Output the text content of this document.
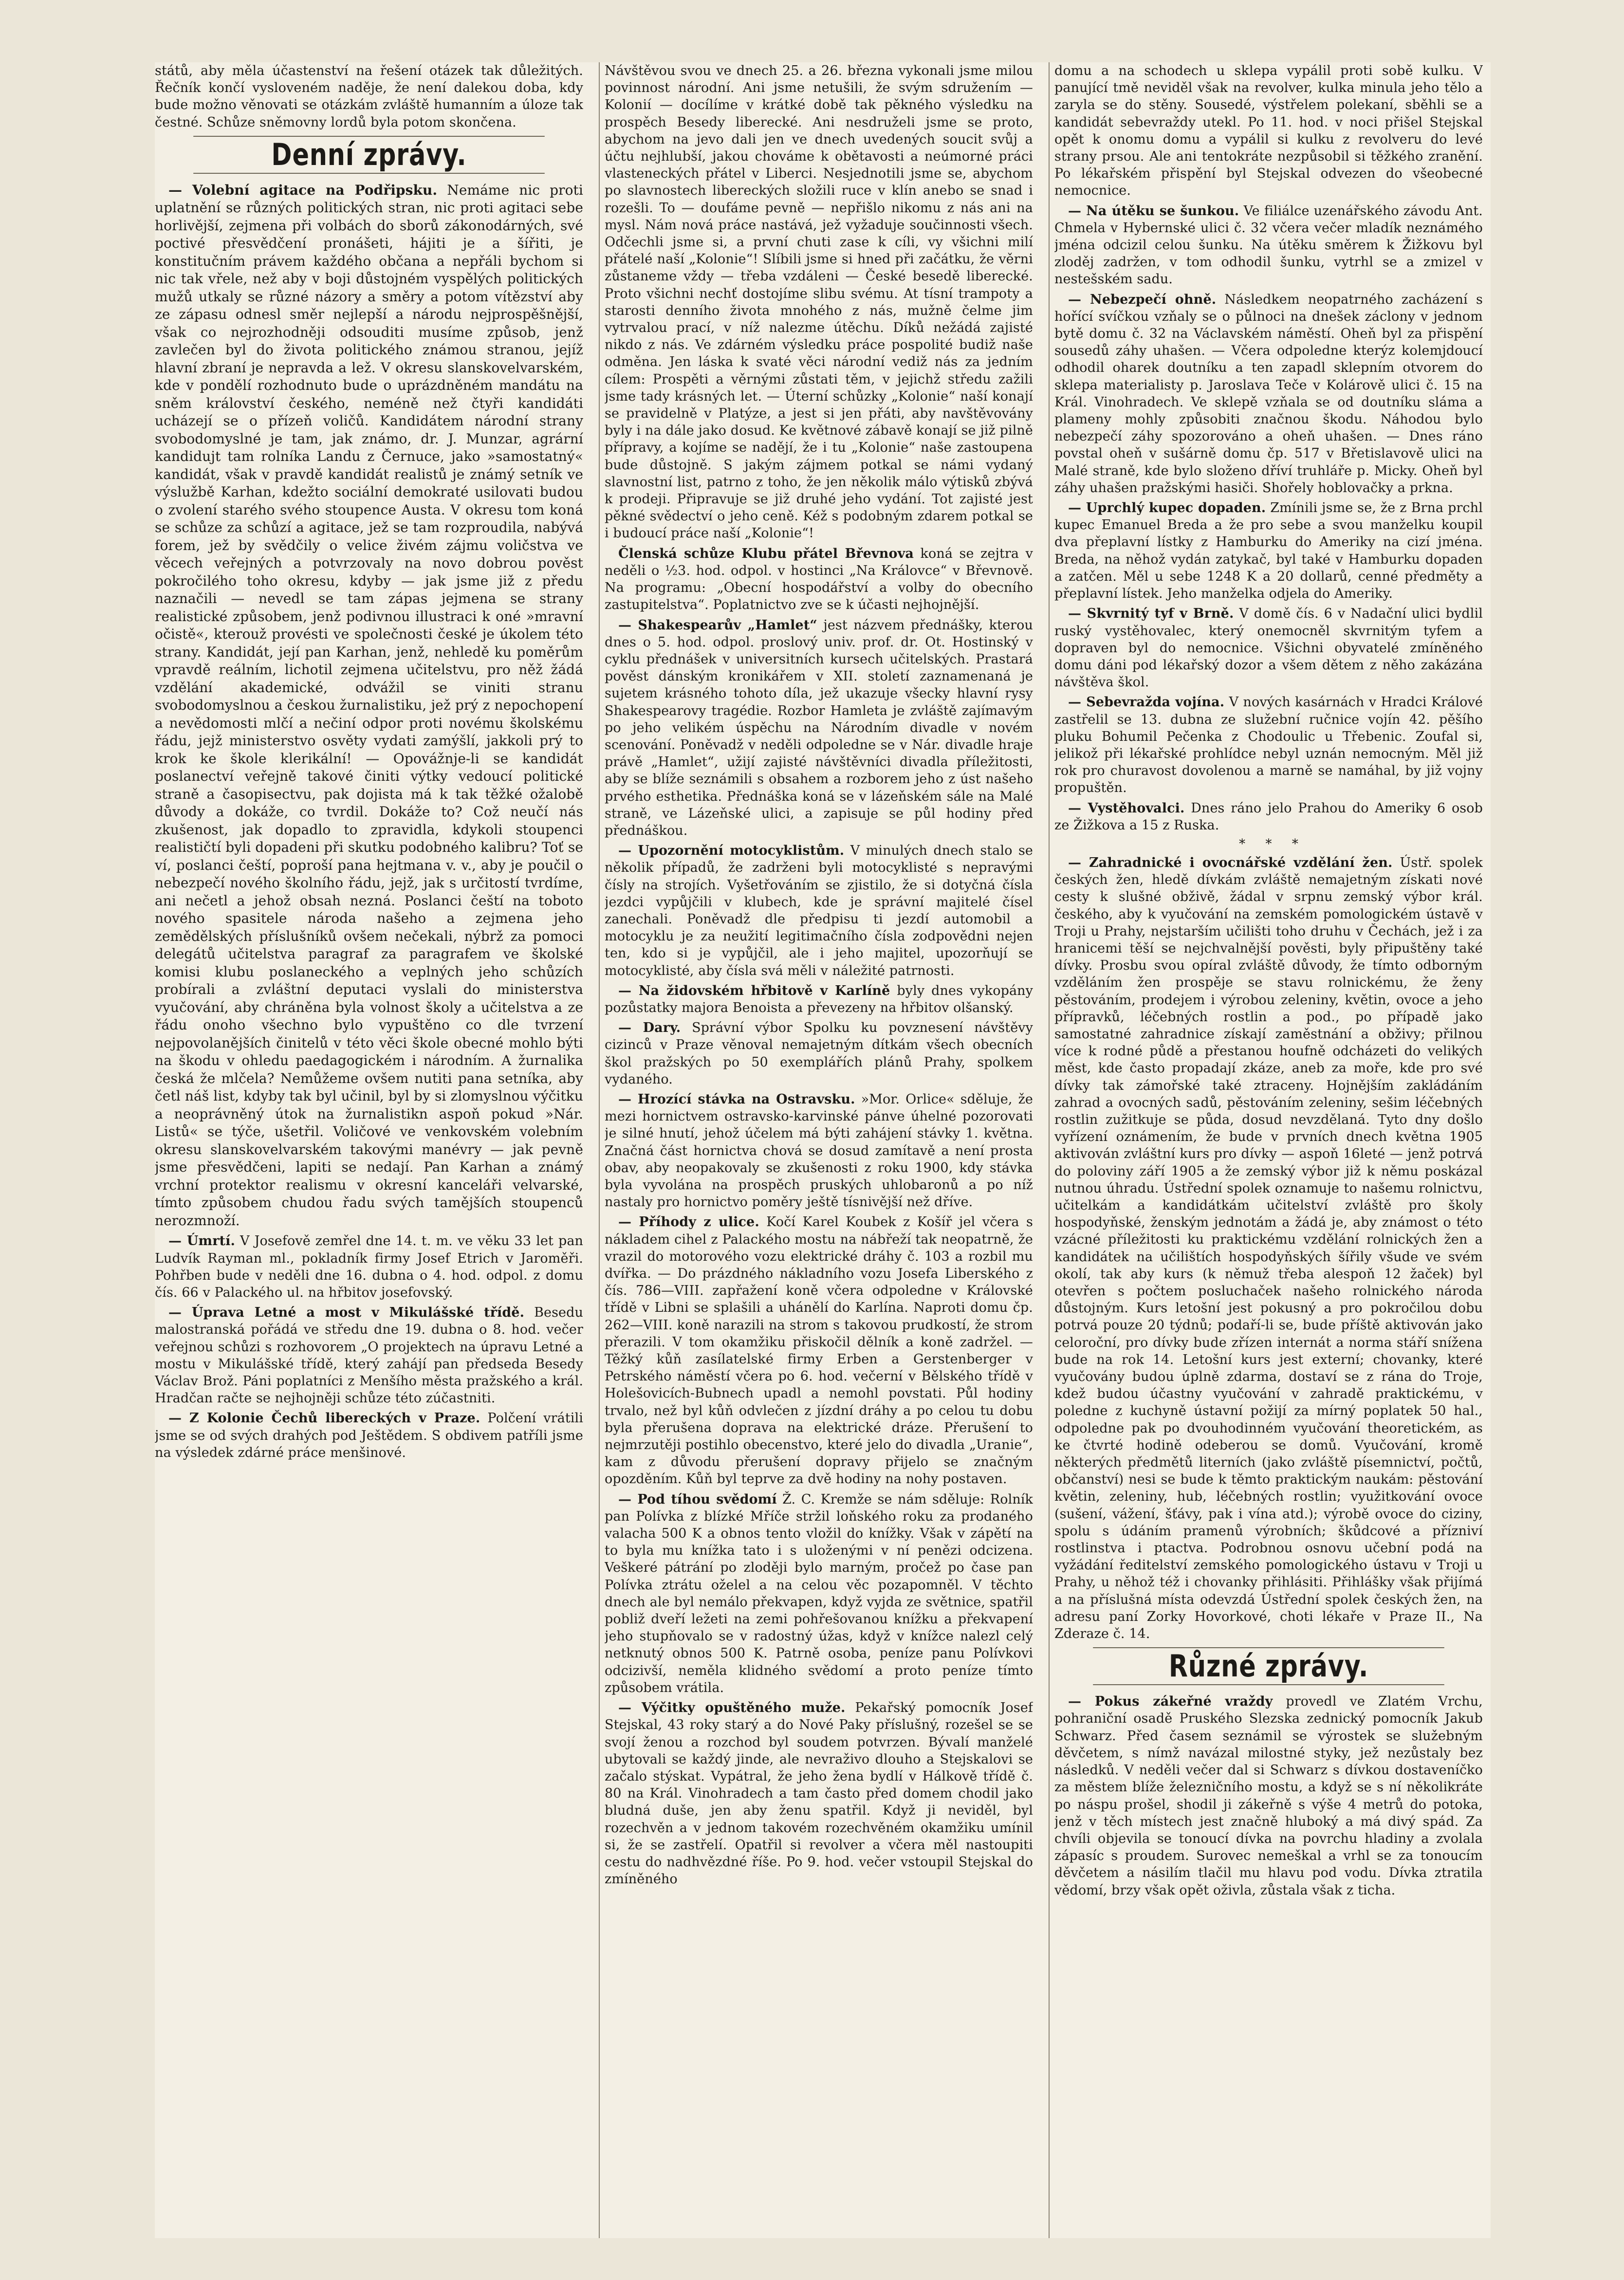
států, aby měla účastenství na řešení otázek tak důležitých. Řečník končí vysloveném naděje, že není dalekou doba, kdy bude možno věnovati se otázkám zvláště humanním a úloze tak čestné. Schůze sněmovny lordů byla potom skončena.

Denní zprávy.

— Volební agitace na Podřipsku. Nemáme nic proti uplatnění se různých politických stran, nic proti agitaci sebe horlivější, zejmena při volbách do sborů zákonodárných, své poctivé přesvědčení pronášeti, hájiti je a šířiti, je konstitučním právem každého občana a nepřáli bychom si nic tak vřele, než aby v boji důstojném vyspělých politických mužů utkaly se různé názory a směry a potom vítězství aby ze zápasu odnesl směr nejlepší a národu nejprospěšnější, však co nejrozhodněji odsouditi musíme způsob, jenž zavlečen byl do života politického známou stranou, jejíž hlavní zbraní je nepravda a lež. V okresu slanskovelvarském, kde v pondělí rozhodnuto bude o uprázdněném mandátu na sněm království českého, neméně než čtyři kandidáti ucházejí se o přízeň voličů. Kandidátem národní strany svobodomyslné je tam, jak známo, dr. J. Munzar, agrární kandidujt tam rolníka Landu z Černuce, jako »samostatný« kandidát, však v pravdě kandidát realistů je známý setník ve výslužbě Karhan, kdežto sociální demokraté usilovati budou o zvolení starého svého stoupence Austa. V okresu tom koná se schůze za schůzí a agitace, jež se tam rozproudila, nabývá forem, jež by svědčily o velice živém zájmu voličstva ve věcech veřejných a potvrzovaly na novo dobrou pověst pokročilého toho okresu, kdyby — jak jsme již z předu naznačili — nevedl se tam zápas jejmena se strany realistické způsobem, jenž podivnou illustraci k oné »mravní očistě«, kterouž provésti ve společnosti české je úkolem této strany. Kandidát, její pan Karhan, jenž, nehledě ku poměrům vpravdě reálním, lichotil zejmena učitelstvu, pro něž žádá vzdělání akademické, odvážil se viniti stranu svobodomyslnou a českou žurnalistiku, jež prý z nepochopení a nevědomosti mlčí a nečiní odpor proti novému školskému řádu, jejž ministerstvo osvěty vydati zamýšlí, jakkoli prý to krok ke škole klerikální! — Opovážnje-li se kandidát poslanectví veřejně takové činiti výtky vedoucí politické straně a časopisectvu, pak dojista má k tak těžké ožalobě důvody a dokáže, co tvrdil. Dokáže to? Což neučí nás zkušenost, jak dopadlo to zpravidla, kdykoli stoupenci realističtí byli dopadeni při skutku podobného kalibru? Toť se ví, poslanci čeští, poproší pana hejtmana v. v., aby je poučil o nebezpečí nového školního řádu, jejž, jak s určitostí tvrdíme, ani nečetl a jehož obsah nezná. Poslanci čeští na toboto nového spasitele národa našeho a zejmena jeho zemědělských příslušníků ovšem nečekali, nýbrž za pomoci delegátů učitelstva paragraf za paragrafem ve školské komisi klubu poslaneckého a veplných jeho schůzích probírali a zvláštní deputaci vyslali do ministerstva vyučování, aby chráněna byla volnost školy a učitelstva a ze řádu onoho všechno bylo vypuštěno co dle tvrzení nejpovolanějších činitelů v této věci škole obecné mohlo býti na škodu v ohledu paedagogickém i národním. A žurnalika česká že mlčela? Nemůžeme ovšem nutiti pana setníka, aby četl náš list, kdyby tak byl učinil, byl by si zlomyslnou výčitku a neoprávněný útok na žurnalistikn aspoň pokud »Nár. Listů« se týče, ušetřil. Voličové ve venkovském volebním okresu slanskovelvarském takovými manévry — jak pevně jsme přesvědčeni, lapiti se nedají. Pan Karhan a známý vrchní protektor realismu v okresní kanceláři velvarské, tímto způsobem chudou řadu svých tamějších stoupenců nerozmnoží.

— Úmrtí. V Josefově zemřel dne 14. t. m. ve věku 33 let pan Ludvík Rayman ml., pokladník firmy Josef Etrich v Jaroměři. Pohřben bude v neděli dne 16. dubna o 4. hod. odpol. z domu čís. 66 v Palackého ul. na hřbitov josefovský.

— Úprava Letné a most v Mikulášské třídě. Besedu malostranská pořádá ve středu dne 19. dubna o 8. hod. večer veřejnou schůzi s rozhovorem „O projektech na úpravu Letné a mostu v Mikulášské třídě, který zahájí pan předseda Besedy Václav Brož. Páni poplatníci z Menšího města pražského a král. Hradčan račte se nejhojněji schůze této zúčastniti.

— Z Kolonie Čechů libereckých v Praze. Polčení vrátili jsme se od svých drahých pod Ještědem. S obdivem patříli jsme na výsledek zdárné práce menšinové.

Návštěvou svou ve dnech 25. a 26. března vykonali jsme milou povinnost národní. Ani jsme netušili, že svým sdružením — Kolonií — docílíme v krátké době tak pěkného výsledku na prospěch Besedy liberecké. Ani nesdruželi jsme se proto, abychom na jevo dali jen ve dnech uvedených soucit svůj a účtu nejhlubší, jakou chováme k obětavosti a neúmorné práci vlasteneckých přátel v Liberci. Nesjednotili jsme se, abychom po slavnostech libereckých složili ruce v klín anebo se snad i rozešli. To — doufáme pevně — nepřišlo nikomu z nás ani na mysl. Nám nová práce nastává, jež vyžaduje součinnosti všech. Odčechli jsme si, a první chuti zase k cíli, vy všichni milí přátelé naší „Kolonie“! Slíbili jsme si hned při začátku, že věrni zůstaneme vždy — třeba vzdáleni — České besedě liberecké. Proto všichni nechť dostojíme slibu svému. At tísní trampoty a starosti denního života mnohého z nás, mužně čelme jim vytrvalou prací, v níž nalezme útěchu. Díků nežádá zajisté nikdo z nás. Ve zdárném výsledku práce pospolité budiž naše odměna. Jen láska k svaté věci národní vediž nás za jedním cílem: Prospěti a věrnými zůstati těm, v jejichž středu zažili jsme tady krásných let. — Úterní schůzky „Kolonie“ naší konají se pravidelně v Platýze, a jest si jen přáti, aby navštěvovány byly i na dále jako dosud. Ke květnové zábavě konají se již pilně přípravy, a kojíme se nadějí, že i tu „Kolonie“ naše zastoupena bude důstojně. S jakým zájmem potkal se námi vydaný slavnostní list, patrno z toho, že jen několik málo výtisků zbývá k prodeji. Připravuje se již druhé jeho vydání. Tot zajisté jest pěkné svědectví o jeho ceně. Kéž s podobným zdarem potkal se i budoucí práce naší „Kolonie“!

Členská schůze Klubu přátel Břevnova koná se zejtra v neděli o ½3. hod. odpol. v hostinci „Na Královce“ v Břevnově. Na programu: „Obecní hospodářství a volby do obecního zastupitelstva“. Poplatnictvo zve se k účasti nejhojnější.

— Shakespearův „Hamlet“ jest názvem přednášky, kterou dnes o 5. hod. odpol. proslový univ. prof. dr. Ot. Hostinský v cyklu přednášek v universitních kursech učitelských. Prastará pověst dánským kronikářem v XII. století zaznamenaná je sujetem krásného tohoto díla, jež ukazuje všecky hlavní rysy Shakespearovy tragédie. Rozbor Hamleta je zvláště zajímavým po jeho velikém úspěchu na Národním divadle v novém scenování. Poněvadž v neděli odpoledne se v Nár. divadle hraje právě „Hamlet“, užijí zajisté návštěvníci divadla příležitosti, aby se blíže seznámili s obsahem a rozborem jeho z úst našeho prvého esthetika. Přednáška koná se v lázeňském sále na Malé straně, ve Lázeňské ulici, a zapisuje se půl hodiny před přednáškou.

— Upozornění motocyklistům. V minulých dnech stalo se několik případů, že zadrženi byli motocyklisté s nepravými čísly na strojích. Vyšetřováním se zjistilo, že si dotyčná čísla jezdci vypůjčili v klubech, kde je správní majitelé čísel zanechali. Poněvadž dle předpisu ti jezdí automobil a motocyklu je za neužití legitimačního čísla zodpovědni nejen ten, kdo si je vypůjčil, ale i jeho majitel, upozorňují se motocyklisté, aby čísla svá měli v náležité patrnosti.

— Na židovském hřbitově v Karlíně byly dnes vykopány pozůstatky majora Benoista a převezeny na hřbitov olšanský.

— Dary. Správní výbor Spolku ku povznesení návštěvy cizinců v Praze věnoval nemajetným dítkám všech obecních škol pražských po 50 exemplářích plánů Prahy, spolkem vydaného.

— Hrozící stávka na Ostravsku. »Mor. Orlice« sděluje, že mezi hornictvem ostravsko-karvinské pánve úhelné pozorovati je silné hnutí, jehož účelem má býti zahájení stávky 1. května. Značná část hornictva chová se dosud zamítavě a není prosta obav, aby neopakovaly se zkušenosti z roku 1900, kdy stávka byla vyvolána na prospěch pruských uhlobaronů a po níž nastaly pro hornictvo poměry ještě tísnivější než dříve.

— Příhody z ulice. Kočí Karel Koubek z Košíř jel včera s nákladem cihel z Palackého mostu na nábřeží tak neopatrně, že vrazil do motorového vozu elektrické dráhy č. 103 a rozbil mu dvířka. — Do prázdného nákladního vozu Josefa Liberského z čís. 786—VIII. zapřažení koně včera odpoledne v Královské třídě v Libni se splašili a uhánělí do Karlína. Naproti domu čp. 262—VIII. koně narazili na strom s takovou prudkostí, že strom přerazili. V tom okamžiku přiskočil dělník a koně zadržel. — Těžký kůň zasílatelské firmy Erben a Gerstenberger v Petrského náměstí včera po 6. hod. večerní v Bělského třídě v Holešovicích-Bubnech upadl a nemohl povstati. Půl hodiny trvalo, než byl kůň odvlečen z jízdní dráhy a po celou tu dobu byla přerušena doprava na elektrické dráze. Přerušení to nejmrzutěji postihlo obecenstvo, které jelo do divadla „Uranie“, kam z důvodu přerušení dopravy přijelo se značným opozděním. Kůň byl teprve za dvě hodiny na nohy postaven.

— Pod tíhou svědomí Ž. C. Kremže se nám sděluje: Rolník pan Polívka z blízké Mříče stržil loňského roku za prodaného valacha 500 K a obnos tento vložil do knížky. Však v zápětí na to byla mu knížka tato i s uloženými v ní penězi odcizena. Veškeré pátrání po zloději bylo marným, pročež po čase pan Polívka ztrátu oželel a na celou věc pozapomněl. V těchto dnech ale byl nemálo překvapen, když vyjda ze světnice, spatřil pobliž dveří ležeti na zemi pohřešovanou knížku a překvapení jeho stupňovalo se v radostný úžas, když v knížce nalezl celý netknutý obnos 500 K. Patrně osoba, peníze panu Polívkovi odcizivší, neměla klidného svědomí a proto peníze tímto způsobem vrátila.

— Výčitky opuštěného muže. Pekařský pomocník Josef Stejskal, 43 roky starý a do Nové Paky příslušný, rozešel se se svojí ženou a rozchod byl soudem potvrzen. Bývalí manželé ubytovali se každý jinde, ale nevraživo dlouho a Stejskalovi se začalo stýskat. Vypátral, že jeho žena bydlí v Hálkově třídě č. 80 na Král. Vinohradech a tam často před domem chodil jako bludná duše, jen aby ženu spatřil. Když ji neviděl, byl rozechvěn a v jednom takovém rozechvěném okamžiku umínil si, že se zastřelí. Opatřil si revolver a včera měl nastoupiti cestu do nadhvězdné říše. Po 9. hod. večer vstoupil Stejskal do zmíněného

domu a na schodech u sklepa vypálil proti sobě kulku. V panující tmě neviděl však na revolver, kulka minula jeho tělo a zaryla se do stěny. Sousedé, výstřelem polekaní, sběhli se a kandidát sebevraždy utekl. Po 11. hod. v noci přišel Stejskal opět k onomu domu a vypálil si kulku z revolveru do levé strany prsou. Ale ani tentokráte nezpůsobil si těžkého zranění. Po lékařském přispění byl Stejskal odvezen do všeobecné nemocnice.

— Na útěku se šunkou. Ve filiálce uzenářského závodu Ant. Chmela v Hybernské ulici č. 32 včera večer mladík neznámého jména odcizil celou šunku. Na útěku směrem k Žižkovu byl zloděj zadržen, v tom odhodil šunku, vytrhl se a zmizel v nestešském sadu.

— Nebezpečí ohně. Následkem neopatrného zacházení s hořící svíčkou vzňaly se o půlnoci na dnešek záclony v jednom bytě domu č. 32 na Václavském náměstí. Oheň byl za přispění sousedů záhy uhašen. — Včera odpoledne kterýz kolemjdoucí odhodil oharek doutníku a ten zapadl sklepním otvorem do sklepa materialisty p. Jaroslava Teče v Kolárově ulici č. 15 na Král. Vinohradech. Ve sklepě vzňala se od doutníku sláma a plameny mohly způsobiti značnou škodu. Náhodou bylo nebezpečí záhy spozorováno a oheň uhašen. — Dnes ráno povstal oheň v sušárně domu čp. 517 v Břetislavově ulici na Malé straně, kde bylo složeno dříví truhláře p. Micky. Oheň byl záhy uhašen pražskými hasiči. Shořely hoblovačky a prkna.

— Uprchlý kupec dopaden. Zmínili jsme se, že z Brna prchl kupec Emanuel Breda a že pro sebe a svou manželku koupil dva přeplavní lístky z Hamburku do Ameriky na cizí jména. Breda, na něhož vydán zatykač, byl také v Hamburku dopaden a zatčen. Měl u sebe 1248 K a 20 dollarů, cenné předměty a přeplavní lístek. Jeho manželka odjela do Ameriky.

— Skvrnitý tyf v Brně. V domě čís. 6 v Nadační ulici bydlil ruský vystěhovalec, který onemocněl skvrnitým tyfem a dopraven byl do nemocnice. Všichni obyvatelé zmíněného domu dáni pod lékařský dozor a všem dětem z něho zakázána návštěva škol.

— Sebevražda vojína. V nových kasárnách v Hradci Králové zastřelil se 13. dubna ze služební ručnice vojín 42. pěšího pluku Bohumil Pečenka z Chodoulic u Třebenic. Zoufal si, jelikož při lékařské prohlídce nebyl uznán nemocným. Měl již rok pro churavost dovolenou a marně se namáhal, by již vojny propuštěn.

— Vystěhovalci. Dnes ráno jelo Prahou do Ameriky 6 osob ze Žižkova a 15 z Ruska.

*     *     *

— Zahradnické i ovocnářské vzdělání žen. Ústř. spolek českých žen, hledě dívkám zvláště nemajetným získati nové cesty k slušné obživě, žádal v srpnu zemský výbor král. českého, aby k vyučování na zemském pomologickém ústavě v Troji u Prahy, nejstarším učilišti toho druhu v Čechách, jež i za hranicemi těší se nejchvalnější pověsti, byly připuštěny také dívky. Prosbu svou opíral zvláště důvody, že tímto odborným vzděláním žen prospěje se stavu rolnickému, že ženy pěstováním, prodejem i výrobou zeleniny, květin, ovoce a jeho přípravků, léčebných rostlin a pod., po případě jako samostatné zahradnice získají zaměstnání a obživy; přilnou více k rodné půdě a přestanou houfně odcházeti do velikých měst, kde často propadají zkáze, aneb za moře, kde pro své dívky tak zámořské také ztraceny. Hojnějším zakládáním zahrad a ovocných sadů, pěstováním zeleniny, sešim léčebných rostlin zužitkuje se půda, dosud nevzdělaná. Tyto dny došlo vyřízení oznámením, že bude v prvních dnech května 1905 aktivován zvláštní kurs pro dívky — aspoň 16leté — jenž potrvá do poloviny září 1905 a že zemský výbor již k němu poskázal nutnou úhradu. Ústřední spolek oznamuje to našemu rolnictvu, učitelkám a kandidátkám učitelství zvláště pro školy hospodyňské, ženským jednotám a žádá je, aby známost o této vzácné příležitosti ku praktickému vzdělání rolnických žen a kandidátek na učilištích hospodyňských šířily všude ve svém okolí, tak aby kurs (k němuž třeba alespoň 12 žaček) byl otevřen s počtem posluchaček našeho rolnického národa důstojným. Kurs letošní jest pokusný a pro pokročilou dobu potrvá pouze 20 týdnů; podaří-li se, bude příště aktivován jako celoroční, pro dívky bude zřízen internát a norma stáří snížena bude na rok 14. Letošní kurs jest externí; chovanky, které vyučovány budou úplně zdarma, dostaví se z rána do Troje, kdež budou účastny vyučování v zahradě praktickému, v poledne z kuchyně ústavní požijí za mírný poplatek 50 hal., odpoledne pak po dvouhodinném vyučování theoretickém, as ke čtvrté hodině odeberou se domů. Vyučování, kromě některých předmětů literních (jako zvláště písemnictví, počtů, občanství) nesi se bude k těmto praktickým naukám: pěstování květin, zeleniny, hub, léčebných rostlin; využitkování ovoce (sušení, vážení, šťávy, pak i vína atd.); výrobě ovoce do ciziny, spolu s údáním pramenů výrobních; škůdcové a přízniví rostlinstva i ptactva. Podrobnou osnovu učební podá na vyžádání ředitelství zemského pomologického ústavu v Troji u Prahy, u něhož též i chovanky přihlásiti. Přihlášky však přijímá a na příslušná místa odevzdá Ústřední spolek českých žen, na adresu paní Zorky Hovorkové, choti lékaře v Praze II., Na Zderaze č. 14.

Různé zprávy.

— Pokus zákeřné vraždy provedl ve Zlatém Vrchu, pohraniční osadě Pruského Slezska zednický pomocník Jakub Schwarz. Před časem seznámil se výrostek se služebným děvčetem, s nímž navázal milostné styky, jež nezůstaly bez následků. V neděli večer dal si Schwarz s dívkou dostaveníčko za městem blíže železničního mostu, a když se s ní několikráte po náspu prošel, shodil ji zákeřně s výše 4 metrů do potoka, jenž v těch místech jest značně hluboký a má divý spád. Za chvíli objevila se tonoucí dívka na povrchu hladiny a zvolala zápasíc s proudem. Surovec nemeškal a vrhl se za tonoucím děvčetem a násilím tlačil mu hlavu pod vodu. Dívka ztratila vědomí, brzy však opět oživla, zůstala však z ticha.
